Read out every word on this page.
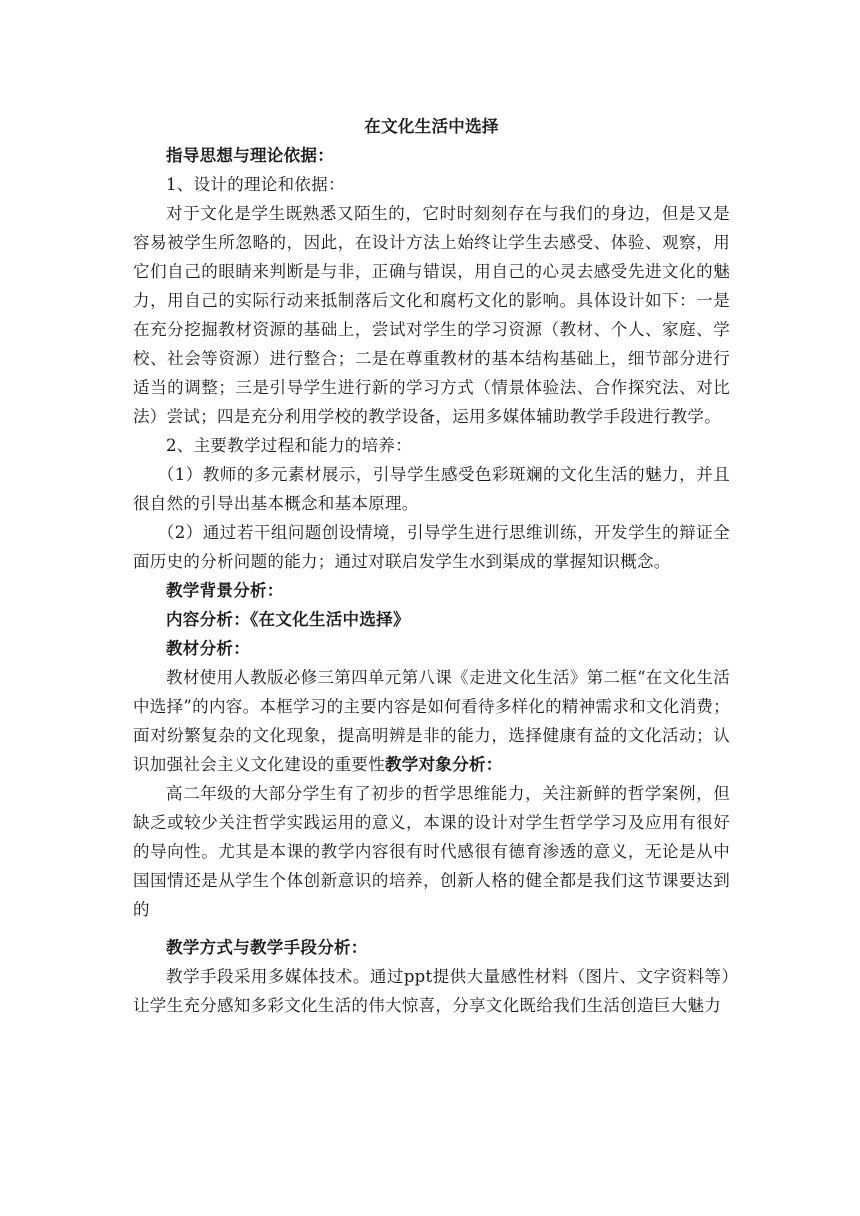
在文化生活中选择

指导思想与理论依据：

1、设计的理论和依据：

对于文化是学生既熟悉又陌生的，它时时刻刻存在与我们的身边，但是又是容易被学生所忽略的，因此，在设计方法上始终让学生去感受、体验、观察，用它们自己的眼睛来判断是与非，正确与错误，用自己的心灵去感受先进文化的魅力，用自己的实际行动来抵制落后文化和腐朽文化的影响。具体设计如下：一是在充分挖掘教材资源的基础上，尝试对学生的学习资源（教材、个人、家庭、学校、社会等资源）进行整合；二是在尊重教材的基本结构基础上，细节部分进行适当的调整；三是引导学生进行新的学习方式（情景体验法、合作探究法、对比法）尝试；四是充分利用学校的教学设备，运用多媒体辅助教学手段进行教学。

2、主要教学过程和能力的培养：

（1）教师的多元素材展示，引导学生感受色彩斑斓的文化生活的魅力，并且很自然的引导出基本概念和基本原理。

（2）通过若干组问题创设情境，引导学生进行思维训练，开发学生的辩证全面历史的分析问题的能力；通过对联启发学生水到渠成的掌握知识概念。

教学背景分析：

内容分析：《在文化生活中选择》

教材分析：

教材使用人教版必修三第四单元第八课《走进文化生活》第二框“在文化生活中选择”的内容。本框学习的主要内容是如何看待多样化的精神需求和文化消费；面对纷繁复杂的文化现象，提高明辨是非的能力，选择健康有益的文化活动；认识加强社会主义文化建设的重要性教学对象分析：

高二年级的大部分学生有了初步的哲学思维能力，关注新鲜的哲学案例，但缺乏或较少关注哲学实践运用的意义，本课的设计对学生哲学学习及应用有很好的导向性。尤其是本课的教学内容很有时代感很有德育渗透的意义，无论是从中国国情还是从学生个体创新意识的培养，创新人格的健全都是我们这节课要达到的

教学方式与教学手段分析：

教学手段采用多媒体技术。通过ppt提供大量感性材料（图片、文字资料等）让学生充分感知多彩文化生活的伟大惊喜，分享文化既给我们生活创造巨大魅力
